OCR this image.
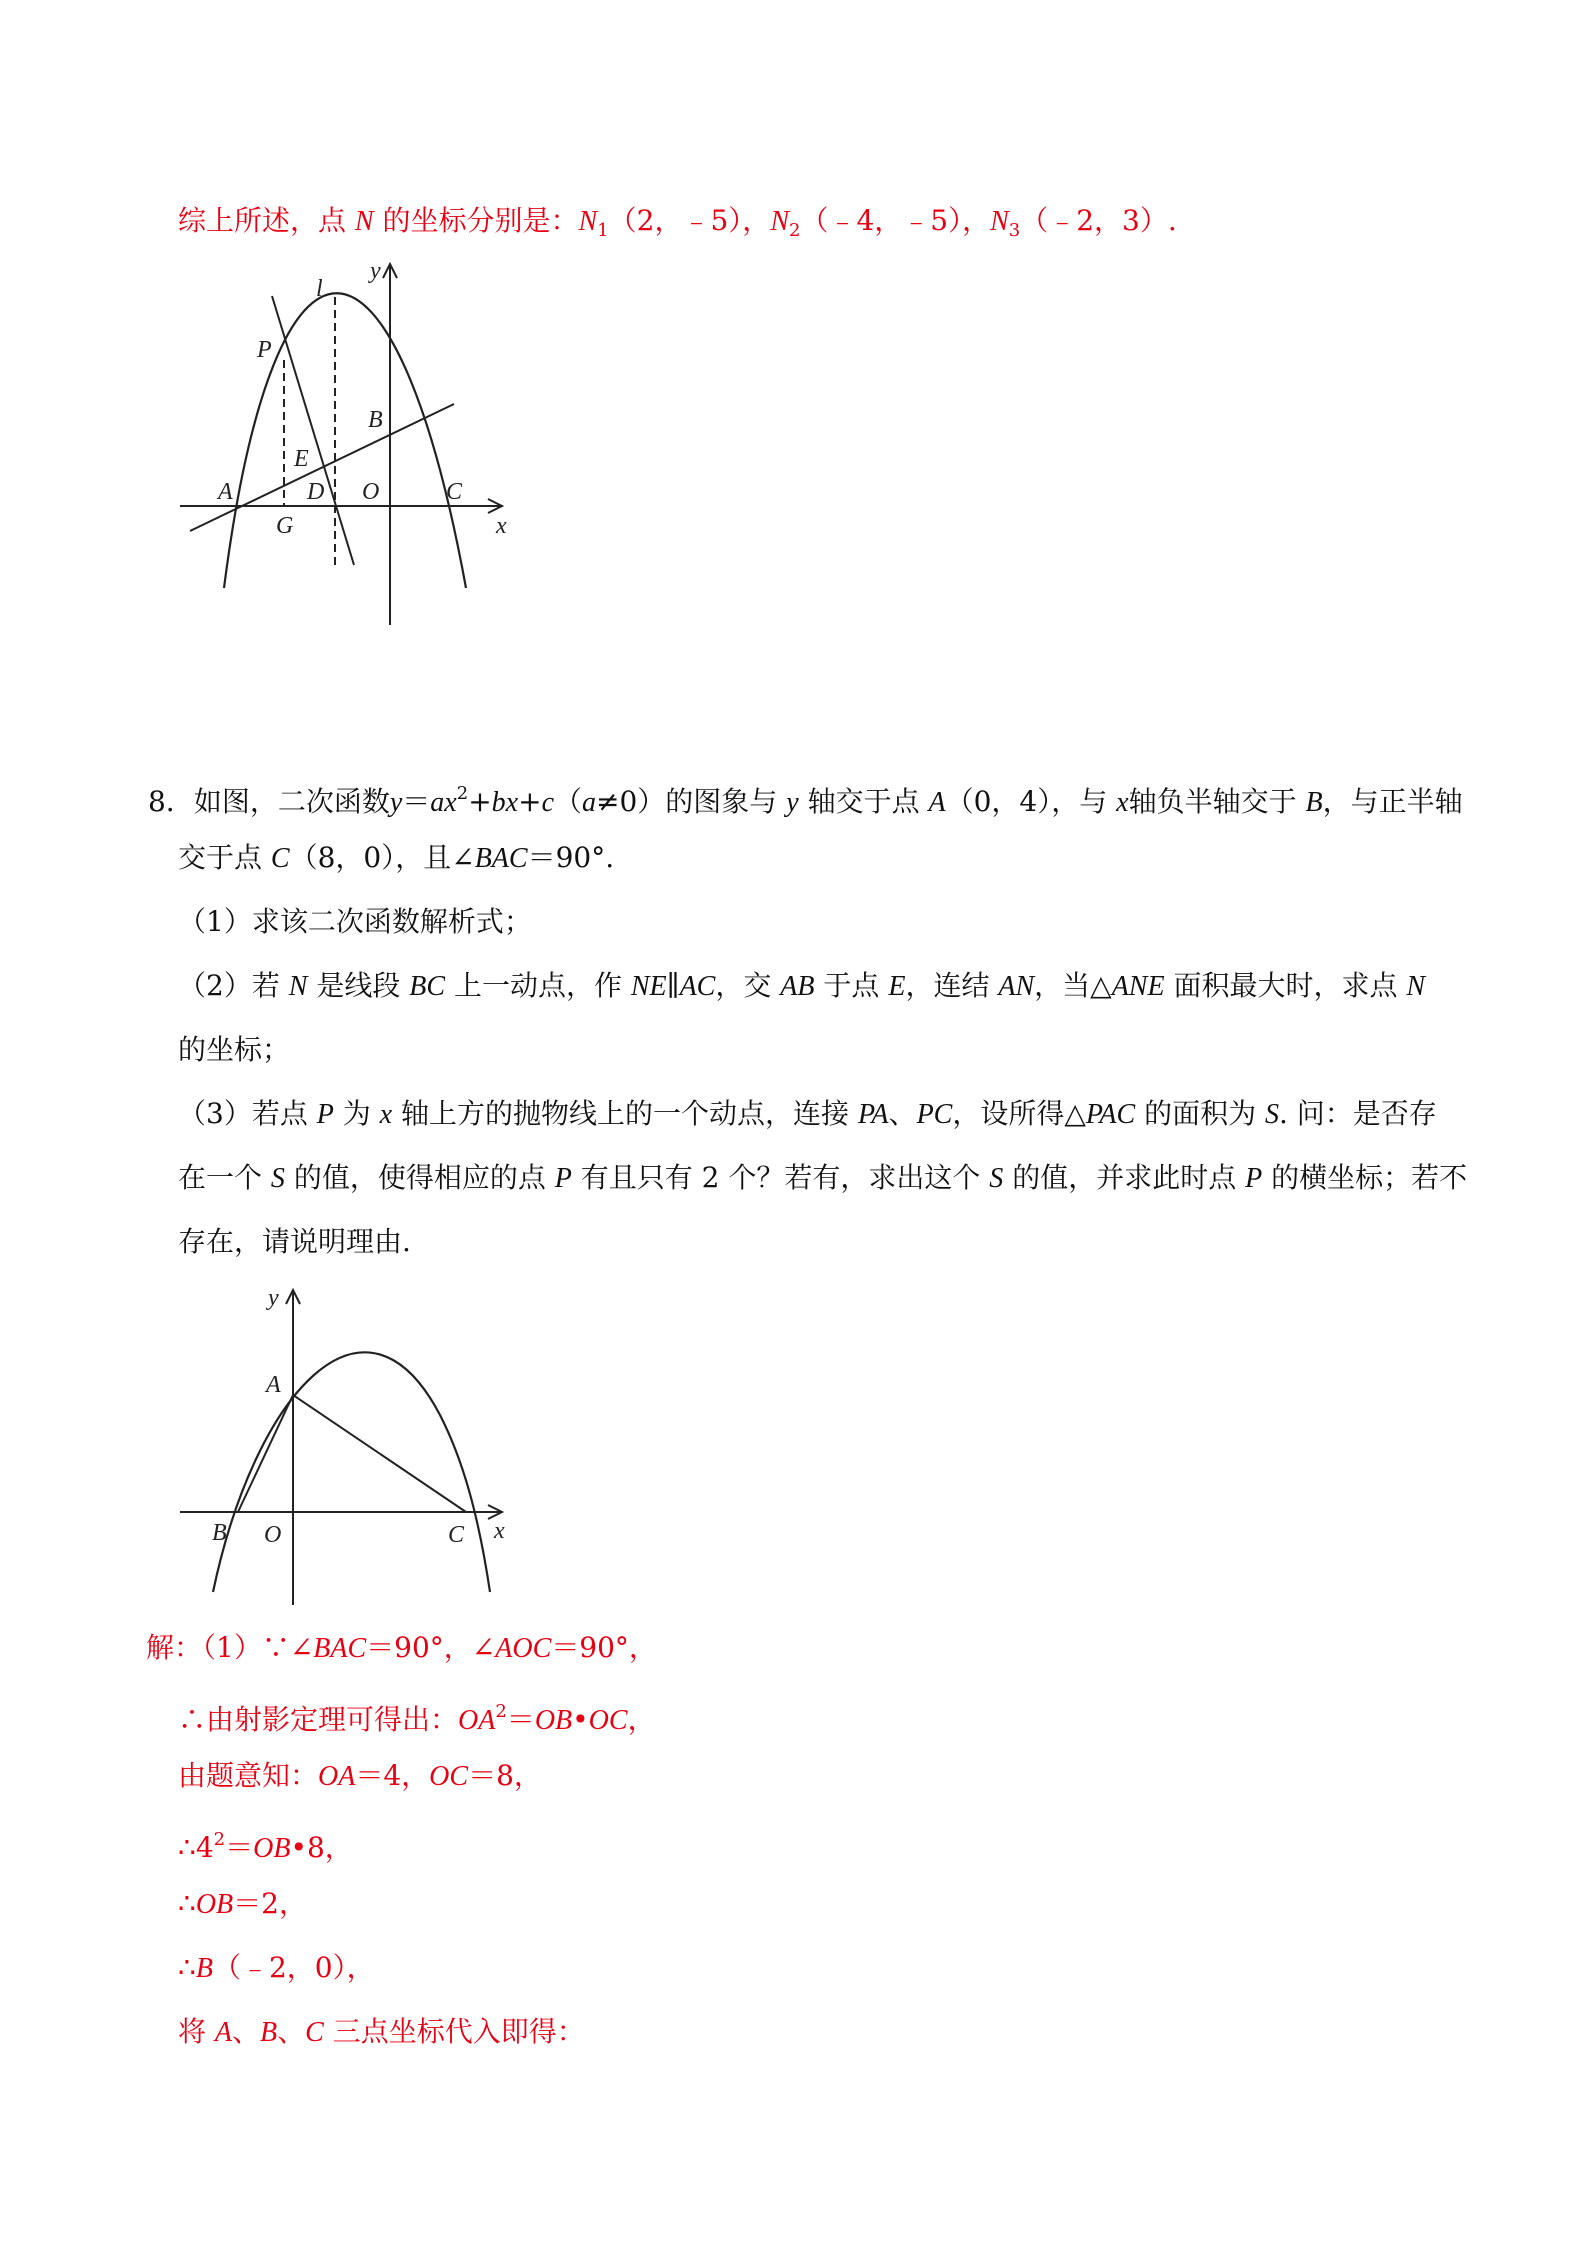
综上所述，点 N 的坐标分别是：$N_1(2$，﹣5），$N_2(﹣4$，﹣5），$N_3(﹣2$，3）.
l
y
P
B
E
A	D O	C
G	x
8．如图，二次函数$y=ax^2+bx+c(a\ne 0)$的图象与 y 轴交于点 A（0，4），与 x轴负半轴交于 B，与正半轴
交于点 C（8，0），且∠BAC＝90°.
（1）求该二次函数解析式；
（2）若 N 是线段 BC 上一动点，作 NE∥AC，交 AB 于点 E，连结 AN，当△ANE 面积最大时，求点 N
的坐标；
（3）若点 P 为 x 轴上方的抛物线上的一个动点，连接 PA、PC，设所得△PAC 的面积为 S. 问：是否存
在一个 S 的值，使得相应的点 P 有且只有 2 个？若有，求出这个 S 的值，并求此时点 P 的横坐标；若不
存在，请说明理由.
y
A
B O	C x
解：（1）∵∠BAC＝90°，∠AOC＝90°，
∴由射影定理可得出：$OA^2=OB•OC$，
由题意知：OA＝4，OC＝8，
$\therefore 4^2=OB•8$，
∴OB＝2，
∴B（﹣2，0），
将 A、B、C 三点坐标代入即得：
